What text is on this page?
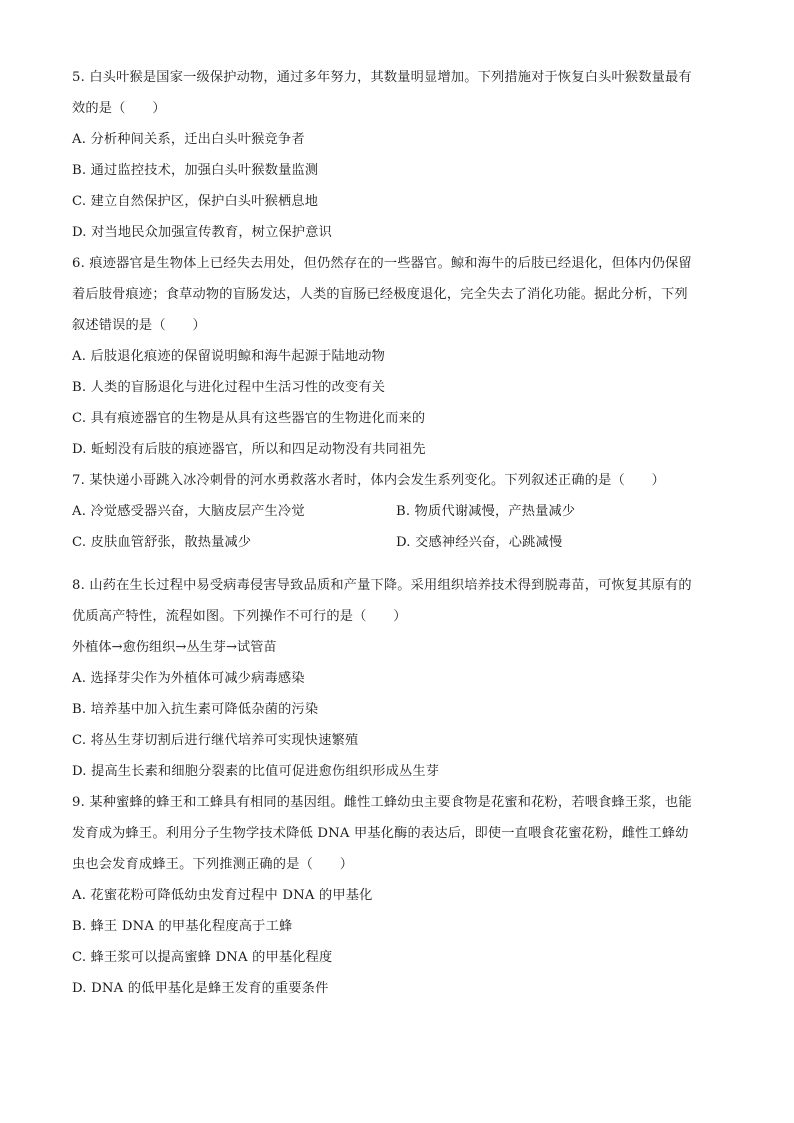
5. 白头叶猴是国家一级保护动物，通过多年努力，其数量明显增加。下列措施对于恢复白头叶猴数量最有
效的是（　　）
A. 分析种间关系，迁出白头叶猴竞争者
B. 通过监控技术，加强白头叶猴数量监测
C. 建立自然保护区，保护白头叶猴栖息地
D. 对当地民众加强宣传教育，树立保护意识
6. 痕迹器官是生物体上已经失去用处，但仍然存在的一些器官。鲸和海牛的后肢已经退化，但体内仍保留
着后肢骨痕迹；食草动物的盲肠发达，人类的盲肠已经极度退化，完全失去了消化功能。据此分析，下列
叙述错误的是（　　）
A. 后肢退化痕迹的保留说明鲸和海牛起源于陆地动物
B. 人类的盲肠退化与进化过程中生活习性的改变有关
C. 具有痕迹器官的生物是从具有这些器官的生物进化而来的
D. 蚯蚓没有后肢的痕迹器官，所以和四足动物没有共同祖先
7. 某快递小哥跳入冰冷刺骨的河水勇救落水者时，体内会发生系列变化。下列叙述正确的是（　　）
A. 冷觉感受器兴奋，大脑皮层产生冷觉	B. 物质代谢减慢，产热量减少
C. 皮肤血管舒张，散热量减少	D. 交感神经兴奋，心跳减慢
8. 山药在生长过程中易受病毒侵害导致品质和产量下降。采用组织培养技术得到脱毒苗，可恢复其原有的
优质高产特性，流程如图。下列操作不可行的是（　　）
外植体→愈伤组织→丛生芽→试管苗
A. 选择芽尖作为外植体可减少病毒感染
B. 培养基中加入抗生素可降低杂菌的污染
C. 将丛生芽切割后进行继代培养可实现快速繁殖
D. 提高生长素和细胞分裂素的比值可促进愈伤组织形成丛生芽
9. 某种蜜蜂的蜂王和工蜂具有相同的基因组。雌性工蜂幼虫主要食物是花蜜和花粉，若喂食蜂王浆，也能
发育成为蜂王。利用分子生物学技术降低 DNA 甲基化酶的表达后，即使一直喂食花蜜花粉，雌性工蜂幼
虫也会发育成蜂王。下列推测正确的是（　　）
A. 花蜜花粉可降低幼虫发育过程中 DNA 的甲基化
B. 蜂王 DNA 的甲基化程度高于工蜂
C. 蜂王浆可以提高蜜蜂 DNA 的甲基化程度
D. DNA 的低甲基化是蜂王发育的重要条件
